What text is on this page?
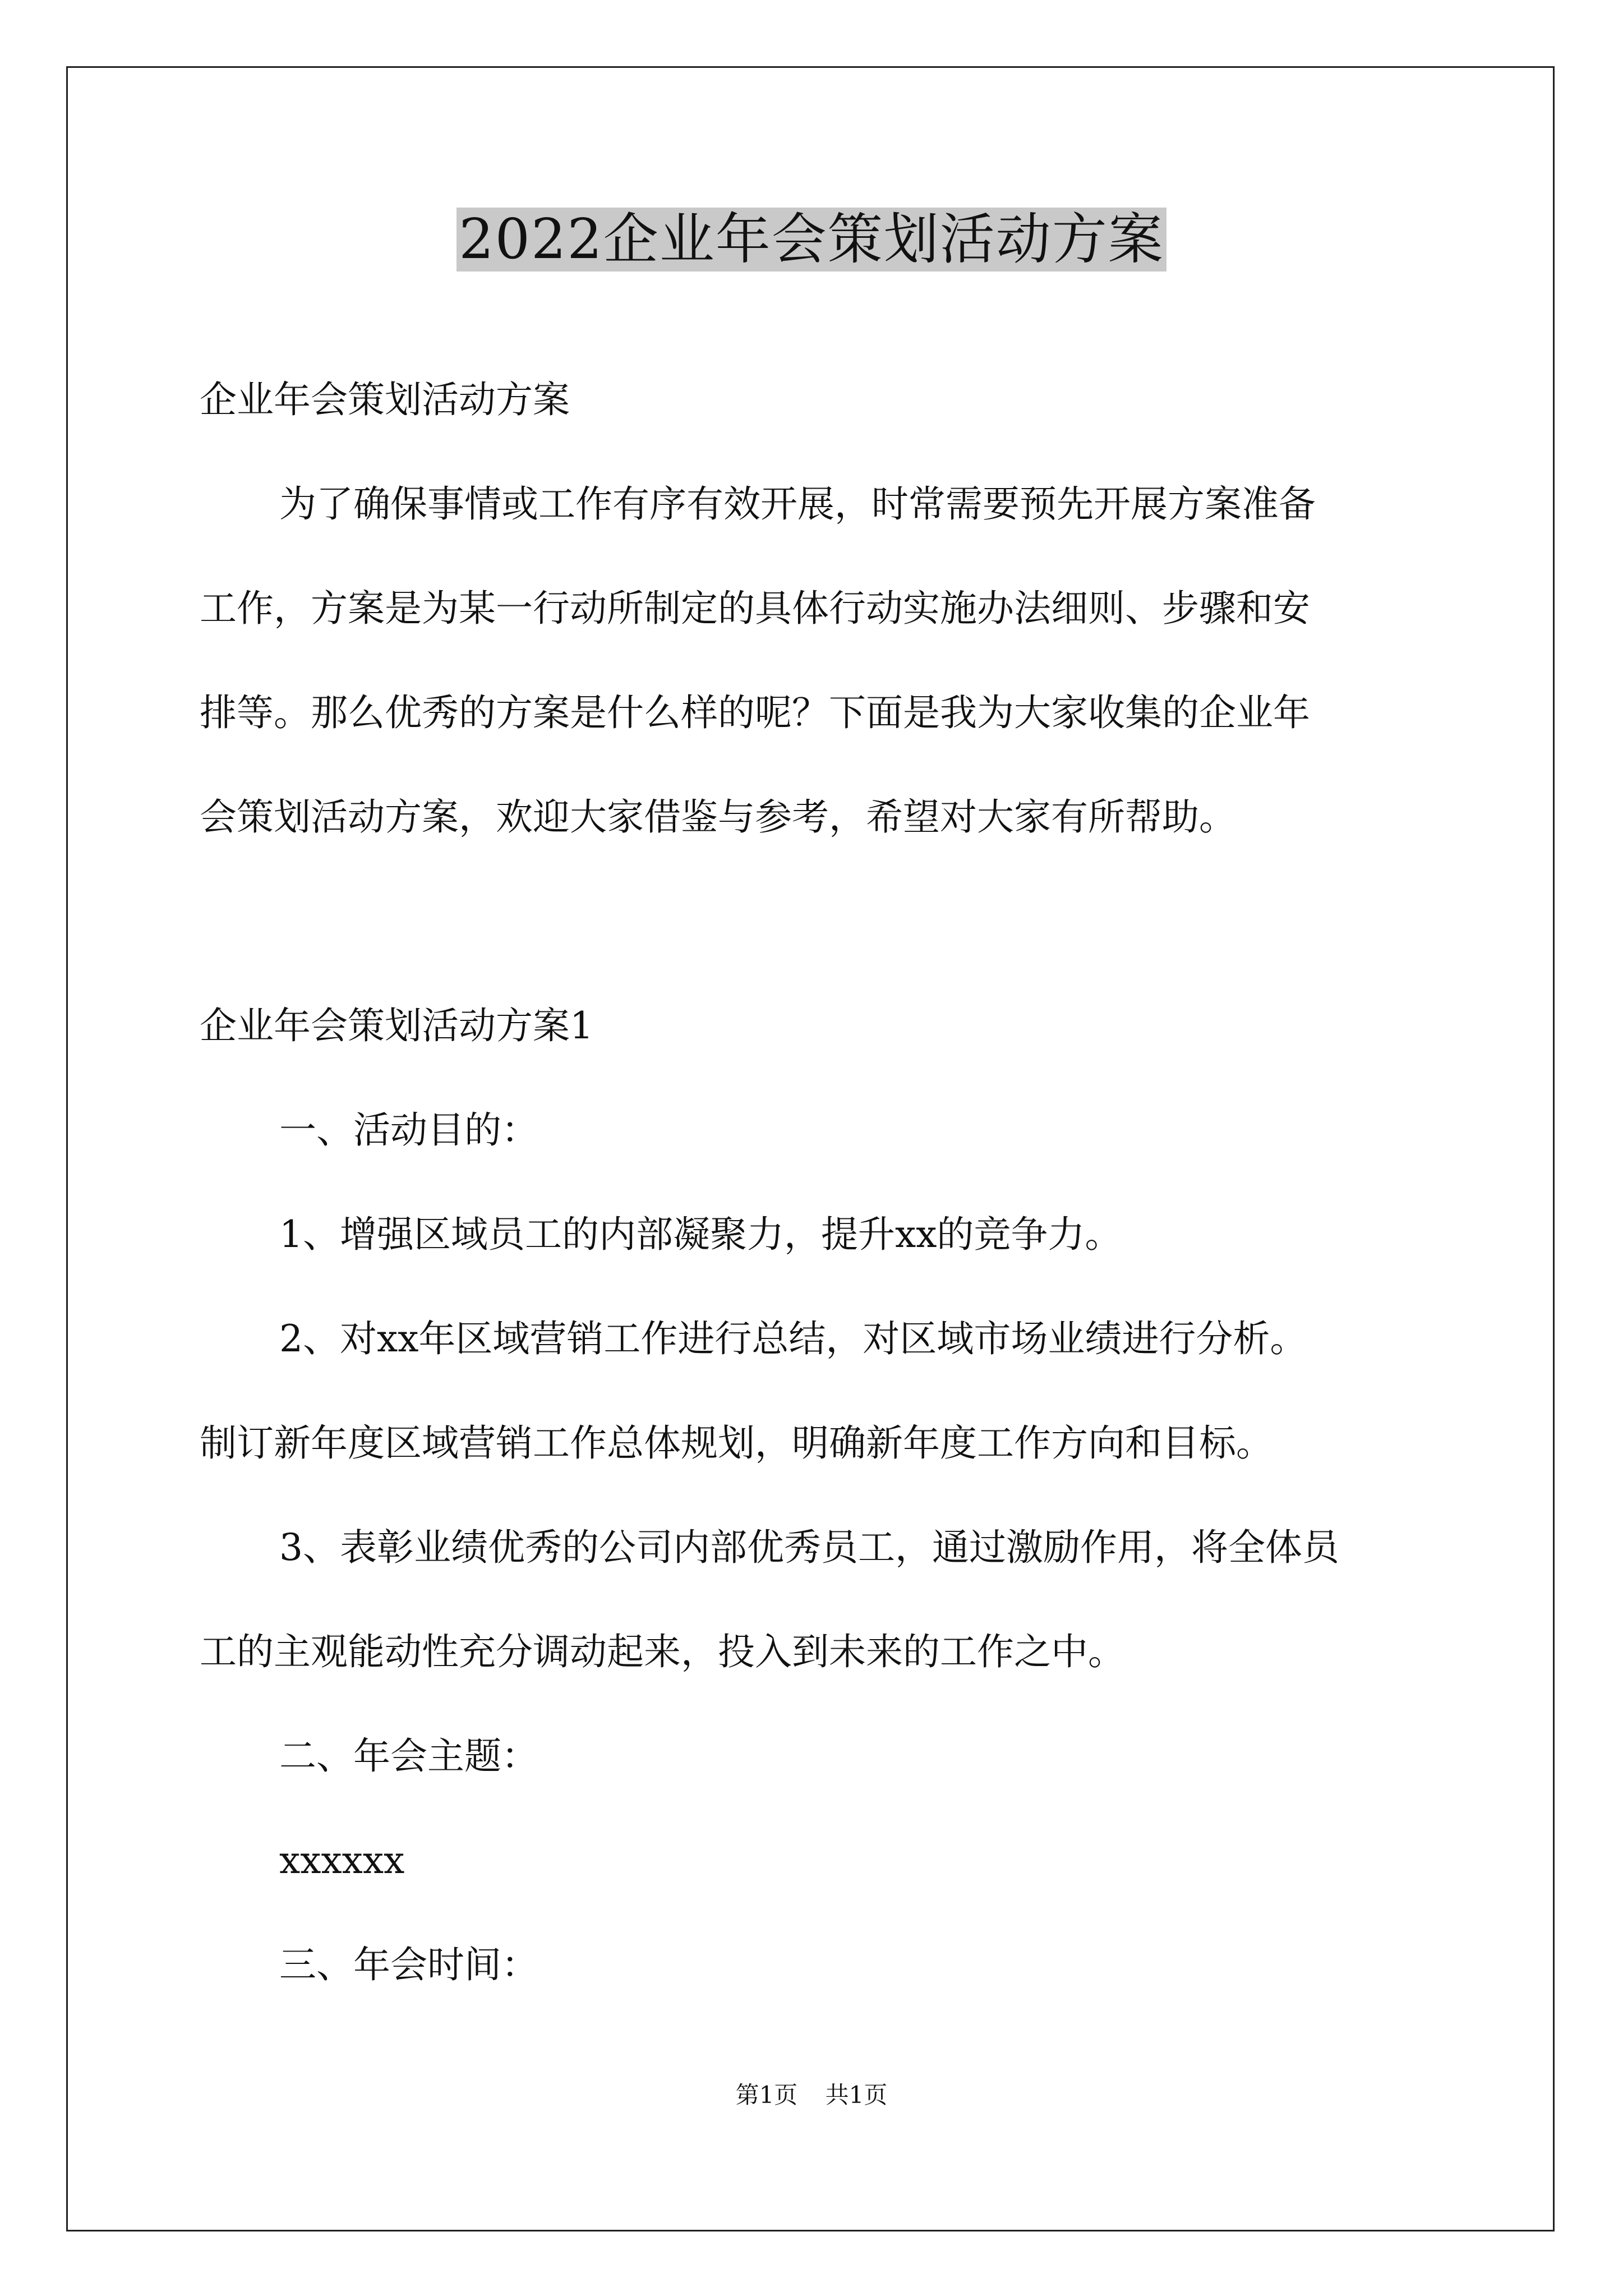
2022企业年会策划活动方案
企业年会策划活动方案
为了确保事情或工作有序有效开展，时常需要预先开展方案准备
工作，方案是为某一行动所制定的具体行动实施办法细则、步骤和安
排等。那么优秀的方案是什么样的呢？下面是我为大家收集的企业年
会策划活动方案，欢迎大家借鉴与参考，希望对大家有所帮助。
企业年会策划活动方案1
一、活动目的：
1、增强区域员工的内部凝聚力，提升xx的竞争力。
2、对xx年区域营销工作进行总结，对区域市场业绩进行分析。
制订新年度区域营销工作总体规划，明确新年度工作方向和目标。
3、表彰业绩优秀的公司内部优秀员工，通过激励作用，将全体员
工的主观能动性充分调动起来，投入到未来的工作之中。
二、年会主题：
xxxxxx
三、年会时间：
第1页 共1页
